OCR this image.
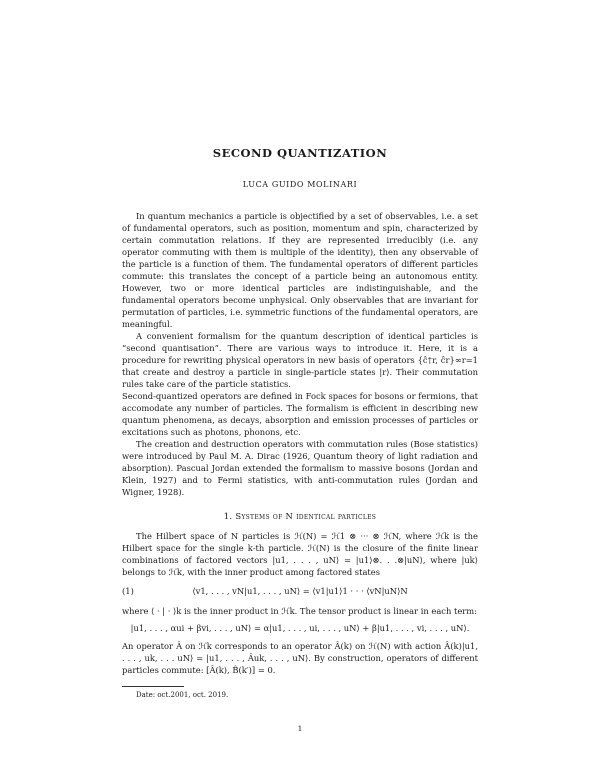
SECOND QUANTIZATION
LUCA GUIDO MOLINARI

In quantum mechanics a particle is objectified by a set of observables, i.e. a set of fundamental operators, such as position, momentum and spin, characterized by certain commutation relations. If they are represented irreducibly (i.e. any operator commuting with them is multiple of the identity), then any observable of the particle is a function of them. The fundamental operators of different particles commute: this translates the concept of a particle being an autonomous entity. However, two or more identical particles are indistinguishable, and the fundamental operators become unphysical. Only observables that are invariant for permutation of particles, i.e. symmetric functions of the fundamental operators, are meaningful.

A convenient formalism for the quantum description of identical particles is “second quantisation”. There are various ways to introduce it. Here, it is a procedure for rewriting physical operators in new basis of operators {ĉ†r, ĉr}∞r=1 that create and destroy a particle in single-particle states |r⟩. Their commutation rules take care of the particle statistics.

Second-quantized operators are defined in Fock spaces for bosons or fermions, that accomodate any number of particles. The formalism is efficient in describing new quantum phenomena, as decays, absorption and emission processes of particles or excitations such as photons, phonons, etc.

The creation and destruction operators with commutation rules (Bose statistics) were introduced by Paul M. A. Dirac (1926, Quantum theory of light radiation and absorption). Pascual Jordan extended the formalism to massive bosons (Jordan and Klein, 1927) and to Fermi statistics, with anti-commutation rules (Jordan and Wigner, 1928).

1. Systems of N identical particles

The Hilbert space of N particles is ℋ(N) = ℋ1 ⊗ ··· ⊗ ℋN, where ℋk is the Hilbert space for the single k-th particle. ℋ(N) is the closure of the finite linear combinations of factored vectors |u1, . . . , uN⟩ = |u1⟩⊗. . .⊗|uN⟩, where |uk⟩ belongs to ℋk, with the inner product among factored states

(1)	⟨v1, . . . , vN|u1, . . . , uN⟩ = ⟨v1|u1⟩1 · · · ⟨vN|uN⟩N

where ⟨ · | · ⟩k is the inner product in ℋk. The tensor product is linear in each term:

|u1, . . . , αui + βvi, . . . , uN⟩ = α|u1, . . . , ui, . . . , uN⟩ + β|u1, . . . , vi, . . . , uN⟩.

An operator Â on ℋk corresponds to an operator Â(k) on ℋ(N) with action Â(k)|u1, . . . , uk, . . . uN⟩ = |u1, . . . , Âuk, . . . , uN⟩. By construction, operators of different particles commute: [Â(k), B̂(k′)] = 0.

Date: oct.2001, oct. 2019.
1
